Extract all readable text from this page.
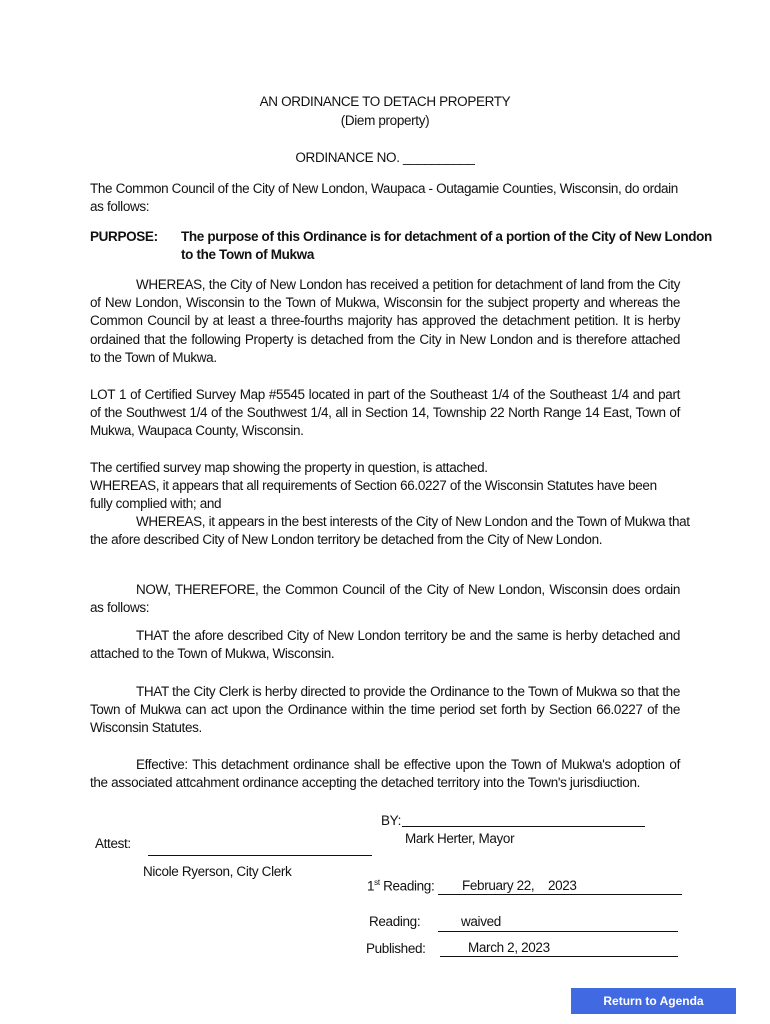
AN ORDINANCE TO DETACH PROPERTY
(Diem property)
ORDINANCE NO. __________
The Common Council of the City of New London, Waupaca - Outagamie Counties, Wisconsin, do ordain as follows:
PURPOSE: The purpose of this Ordinance is for detachment of a portion of the City of New London
to the Town of Mukwa
WHEREAS, the City of New London has received a petition for detachment of land from the City of New London, Wisconsin to the Town of Mukwa, Wisconsin for the subject property and whereas the Common Council by at least a three-fourths majority has approved the detachment petition. It is herby ordained that the following Property is detached from the City in New London and is therefore attached to the Town of Mukwa.
LOT 1 of Certified Survey Map #5545 located in part of the Southeast 1/4 of the Southeast 1/4 and part of the Southwest 1/4 of the Southwest 1/4, all in Section 14, Township 22 North Range 14 East, Town of Mukwa, Waupaca County, Wisconsin.
The certified survey map showing the property in question, is attached.
WHEREAS, it appears that all requirements of Section 66.0227 of the Wisconsin Statutes have been fully complied with; and
WHEREAS, it appears in the best interests of the City of New London and the Town of Mukwa that
the afore described City of New London territory be detached from the City of New London.
NOW, THEREFORE, the Common Council of the City of New London, Wisconsin does ordain as follows:
THAT the afore described City of New London territory be and the same is herby detached and attached to the Town of Mukwa, Wisconsin.
THAT the City Clerk is herby directed to provide the Ordinance to the Town of Mukwa so that the Town of Mukwa can act upon the Ordinance within the time period set forth by Section 66.0227 of the Wisconsin Statutes.
Effective: This detachment ordinance shall be effective upon the Town of Mukwa's adoption of the associated attcahment ordinance accepting the detached territory into the Town's jurisdiuction.
BY:
Mark Herter, Mayor
Attest:
Nicole Ryerson, City Clerk
1st Reading: February 22,    2023
Reading:	waived
Published:	March 2, 2023
Return to Agenda
